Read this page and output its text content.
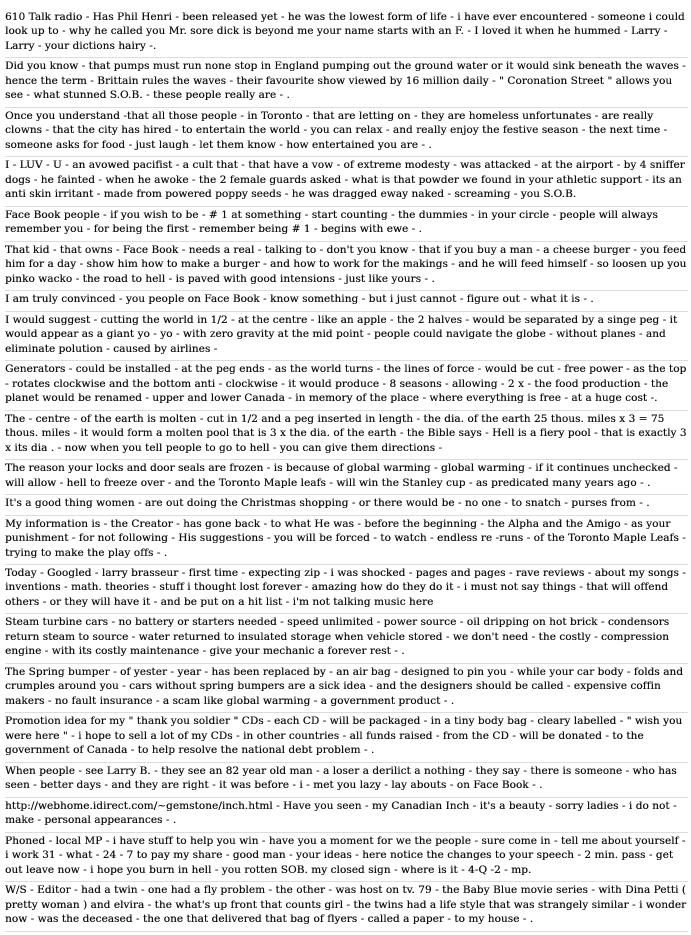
610 Talk radio - Has Phil Henri - been released yet - he was the lowest form of life - i have ever encountered - someone i could look up to - why he called you Mr. sore dick is beyond me your name starts with an F. - I loved it when he hummed - Larry - Larry - your dictions hairy -.

Did you know - that pumps must run none stop in England pumping out the ground water or it would sink beneath the waves - hence the term - Brittain rules the waves - their favourite show viewed by 16 million daily - " Coronation Street " allows you see - what stunned S.O.B. - these people really are - .

Once you understand -that all those people - in Toronto - that are letting on - they are homeless unfortunates - are really clowns - that the city has hired - to entertain the world - you can relax - and really enjoy the festive season - the next time - someone asks for food - just laugh - let them know - how entertained you are - .

I - LUV - U - an avowed pacifist - a cult that - that have a vow - of extreme modesty - was attacked - at the airport - by 4 sniffer dogs - he fainted - when he awoke - the 2 female guards asked - what is that powder we found in your athletic support - its an anti skin irritant - made from powered poppy seeds - he was dragged eway naked - screaming - you S.O.B.

Face Book people - if you wish to be - # 1 at something - start counting - the dummies - in your circle - people will always remember you - for being the first - remember being # 1 - begins with ewe - .

That kid - that owns - Face Book - needs a real - talking to - don't you know - that if you buy a man - a cheese burger - you feed him for a day - show him how to make a burger - and how to work for the makings - and he will feed himself - so loosen up you pinko wacko - the road to hell - is paved with good intensions - just like yours - .

I am truly convinced - you people on Face Book - know something - but i just cannot - figure out - what it is - .

I would suggest - cutting the world in 1/2 - at the centre - like an apple - the 2 halves - would be separated by a singe peg - it would appear as a giant yo - yo - with zero gravity at the mid point - people could navigate the globe - without planes - and eliminate polution - caused by airlines -

Generators - could be installed - at the peg ends - as the world turns - the lines of force - would be cut - free power - as the top - rotates clockwise and the bottom anti - clockwise - it would produce - 8 seasons - allowing - 2 x - the food production - the planet would be renamed - upper and lower Canada - in memory of the place - where everything is free - at a huge cost -.

The - centre - of the earth is molten - cut in 1/2 and a peg inserted in length - the dia. of the earth 25 thous. miles x 3 = 75 thous. miles - it would form a molten pool that is 3 x the dia. of the earth - the Bible says - Hell is a fiery pool - that is exactly 3 x its dia . - now when you tell people to go to hell - you can give them directions -

The reason your locks and door seals are frozen - is because of global warming - global warming - if it continues unchecked - will allow - hell to freeze over - and the Toronto Maple leafs - will win the Stanley cup - as predicated many years ago - .

It's a good thing women - are out doing the Christmas shopping - or there would be - no one - to snatch - purses from - .

My information is - the Creator - has gone back - to what He was - before the beginning - the Alpha and the Amigo - as your punishment - for not following - His suggestions - you will be forced - to watch - endless re -runs - of the Toronto Maple Leafs - trying to make the play offs - .

Today - Googled - larry brasseur - first time - expecting zip - i was shocked - pages and pages - rave reviews - about my songs - inventions - math. theories - stuff i thought lost forever - amazing how do they do it - i must not say things - that will offend others - or they will have it - and be put on a hit list - i'm not talking music here

Steam turbine cars - no battery or starters needed - speed unlimited - power source - oil dripping on hot brick - condensors return steam to source - water returned to insulated storage when vehicle stored - we don't need - the costly - compression engine - with its costly maintenance - give your mechanic a forever rest - .

The Spring bumper - of yester - year - has been replaced by - an air bag - designed to pin you - while your car body - folds and crumples around you - cars without spring bumpers are a sick idea - and the designers should be called - expensive coffin makers - no fault insurance - a scam like global warming - a government product - .

Promotion idea for my " thank you soldier " CDs - each CD - will be packaged - in a tiny body bag - cleary labelled - " wish you were here " - i hope to sell a lot of my CDs - in other countries - all funds raised - from the CD - will be donated - to the government of Canada - to help resolve the national debt problem - .

When people - see Larry B. - they see an 82 year old man - a loser a derilict a nothing - they say - there is someone - who has seen - better days - and they are right - it was before - i - met you lazy - lay abouts - on Face Book - .

http://webhome.idirect.com/~gemstone/inch.html - Have you seen - my Canadian Inch - it's a beauty - sorry ladies - i do not - make - personal appearances - .

Phoned - local MP - i have stuff to help you win - have you a moment for we the people - sure come in - tell me about yourself - i work 31 - what - 24 - 7 to pay my share - good man - your ideas - here notice the changes to your speech - 2 min. pass - get out leave now - i hope you burn in hell - you rotten SOB. my closed sign - where is it - 4-Q -2 - mp.

W/S - Editor - had a twin - one had a fly problem - the other - was host on tv. 79 - the Baby Blue movie series - with Dina Petti ( pretty woman ) and elvira - the what's up front that counts girl - the twins had a life style that was strangely similar - i wonder now - was the deceased - the one that delivered that bag of flyers - called a paper - to my house - .
